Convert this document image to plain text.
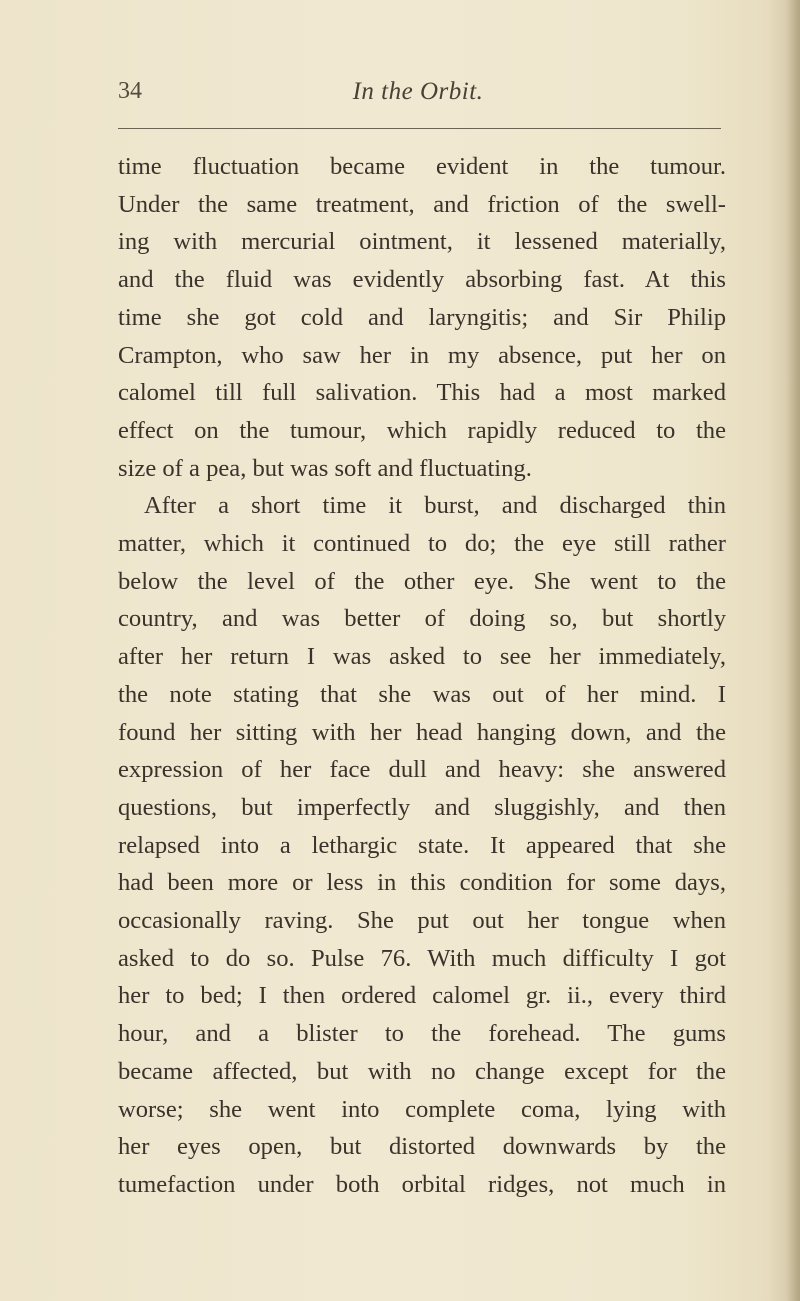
34	In the Orbit.
time fluctuation became evident in the tumour.
Under the same treatment, and friction of the swell-
ing with mercurial ointment, it lessened materially,
and the fluid was evidently absorbing fast. At this
time she got cold and laryngitis; and Sir Philip
Crampton, who saw her in my absence, put her on
calomel till full salivation. This had a most marked
effect on the tumour, which rapidly reduced to the
size of a pea, but was soft and fluctuating.
After a short time it burst, and discharged thin
matter, which it continued to do; the eye still rather
below the level of the other eye. She went to the
country, and was better of doing so, but shortly
after her return I was asked to see her immediately,
the note stating that she was out of her mind. I
found her sitting with her head hanging down, and the
expression of her face dull and heavy: she answered
questions, but imperfectly and sluggishly, and then
relapsed into a lethargic state. It appeared that she
had been more or less in this condition for some days,
occasionally raving. She put out her tongue when
asked to do so. Pulse 76. With much difficulty I got
her to bed; I then ordered calomel gr. ii., every third
hour, and a blister to the forehead. The gums
became affected, but with no change except for the
worse; she went into complete coma, lying with
her eyes open, but distorted downwards by the
tumefaction under both orbital ridges, not much in
